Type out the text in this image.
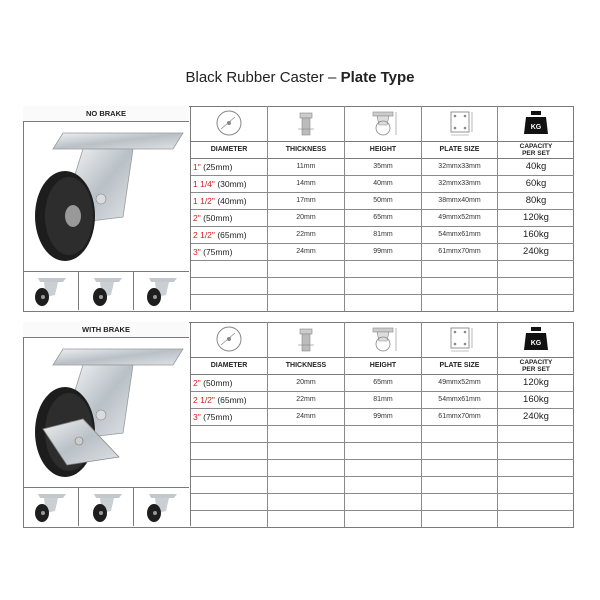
Black Rubber Caster – Plate Type
NO BRAKE
KG
DIAMETER	THICKNESS	HEIGHT	PLATE SIZE	CAPACITY
PER SET
1"
(25mm)	11mm	35mm	32mmx33mm	40kg
1 1/4"
(30mm)	14mm	40mm	32mmx33mm	60kg
1 1/2"
(40mm)	17mm	50mm	38mmx40mm	80kg
2"
(50mm)	20mm	65mm	49mmx52mm	120kg
2 1/2"
(65mm)	22mm	81mm	54mmx61mm	160kg
3"
(75mm)	24mm	99mm	61mmx70mm	240kg
WITH BRAKE
KG
DIAMETER	THICKNESS	HEIGHT	PLATE SIZE	CAPACITY
PER SET
2"
(50mm)	20mm	65mm	49mmx52mm	120kg
2 1/2"
(65mm)	22mm	81mm	54mmx61mm	160kg
3"
(75mm)	24mm	99mm	61mmx70mm	240kg
